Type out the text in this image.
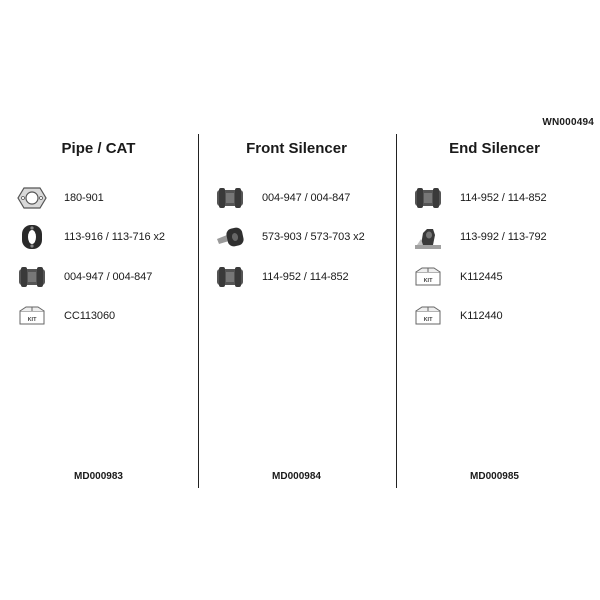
WN000494
Pipe / CAT
180-901
113-916 / 113-716 x2
004-947 / 004-847
KIT	CC113060
MD000983
Front Silencer
004-947 / 004-847
573-903 / 573-703 x2
114-952 / 114-852
MD000984
End Silencer
114-952 / 114-852
113-992 / 113-792
KIT	K112445
KIT	K112440
MD000985
